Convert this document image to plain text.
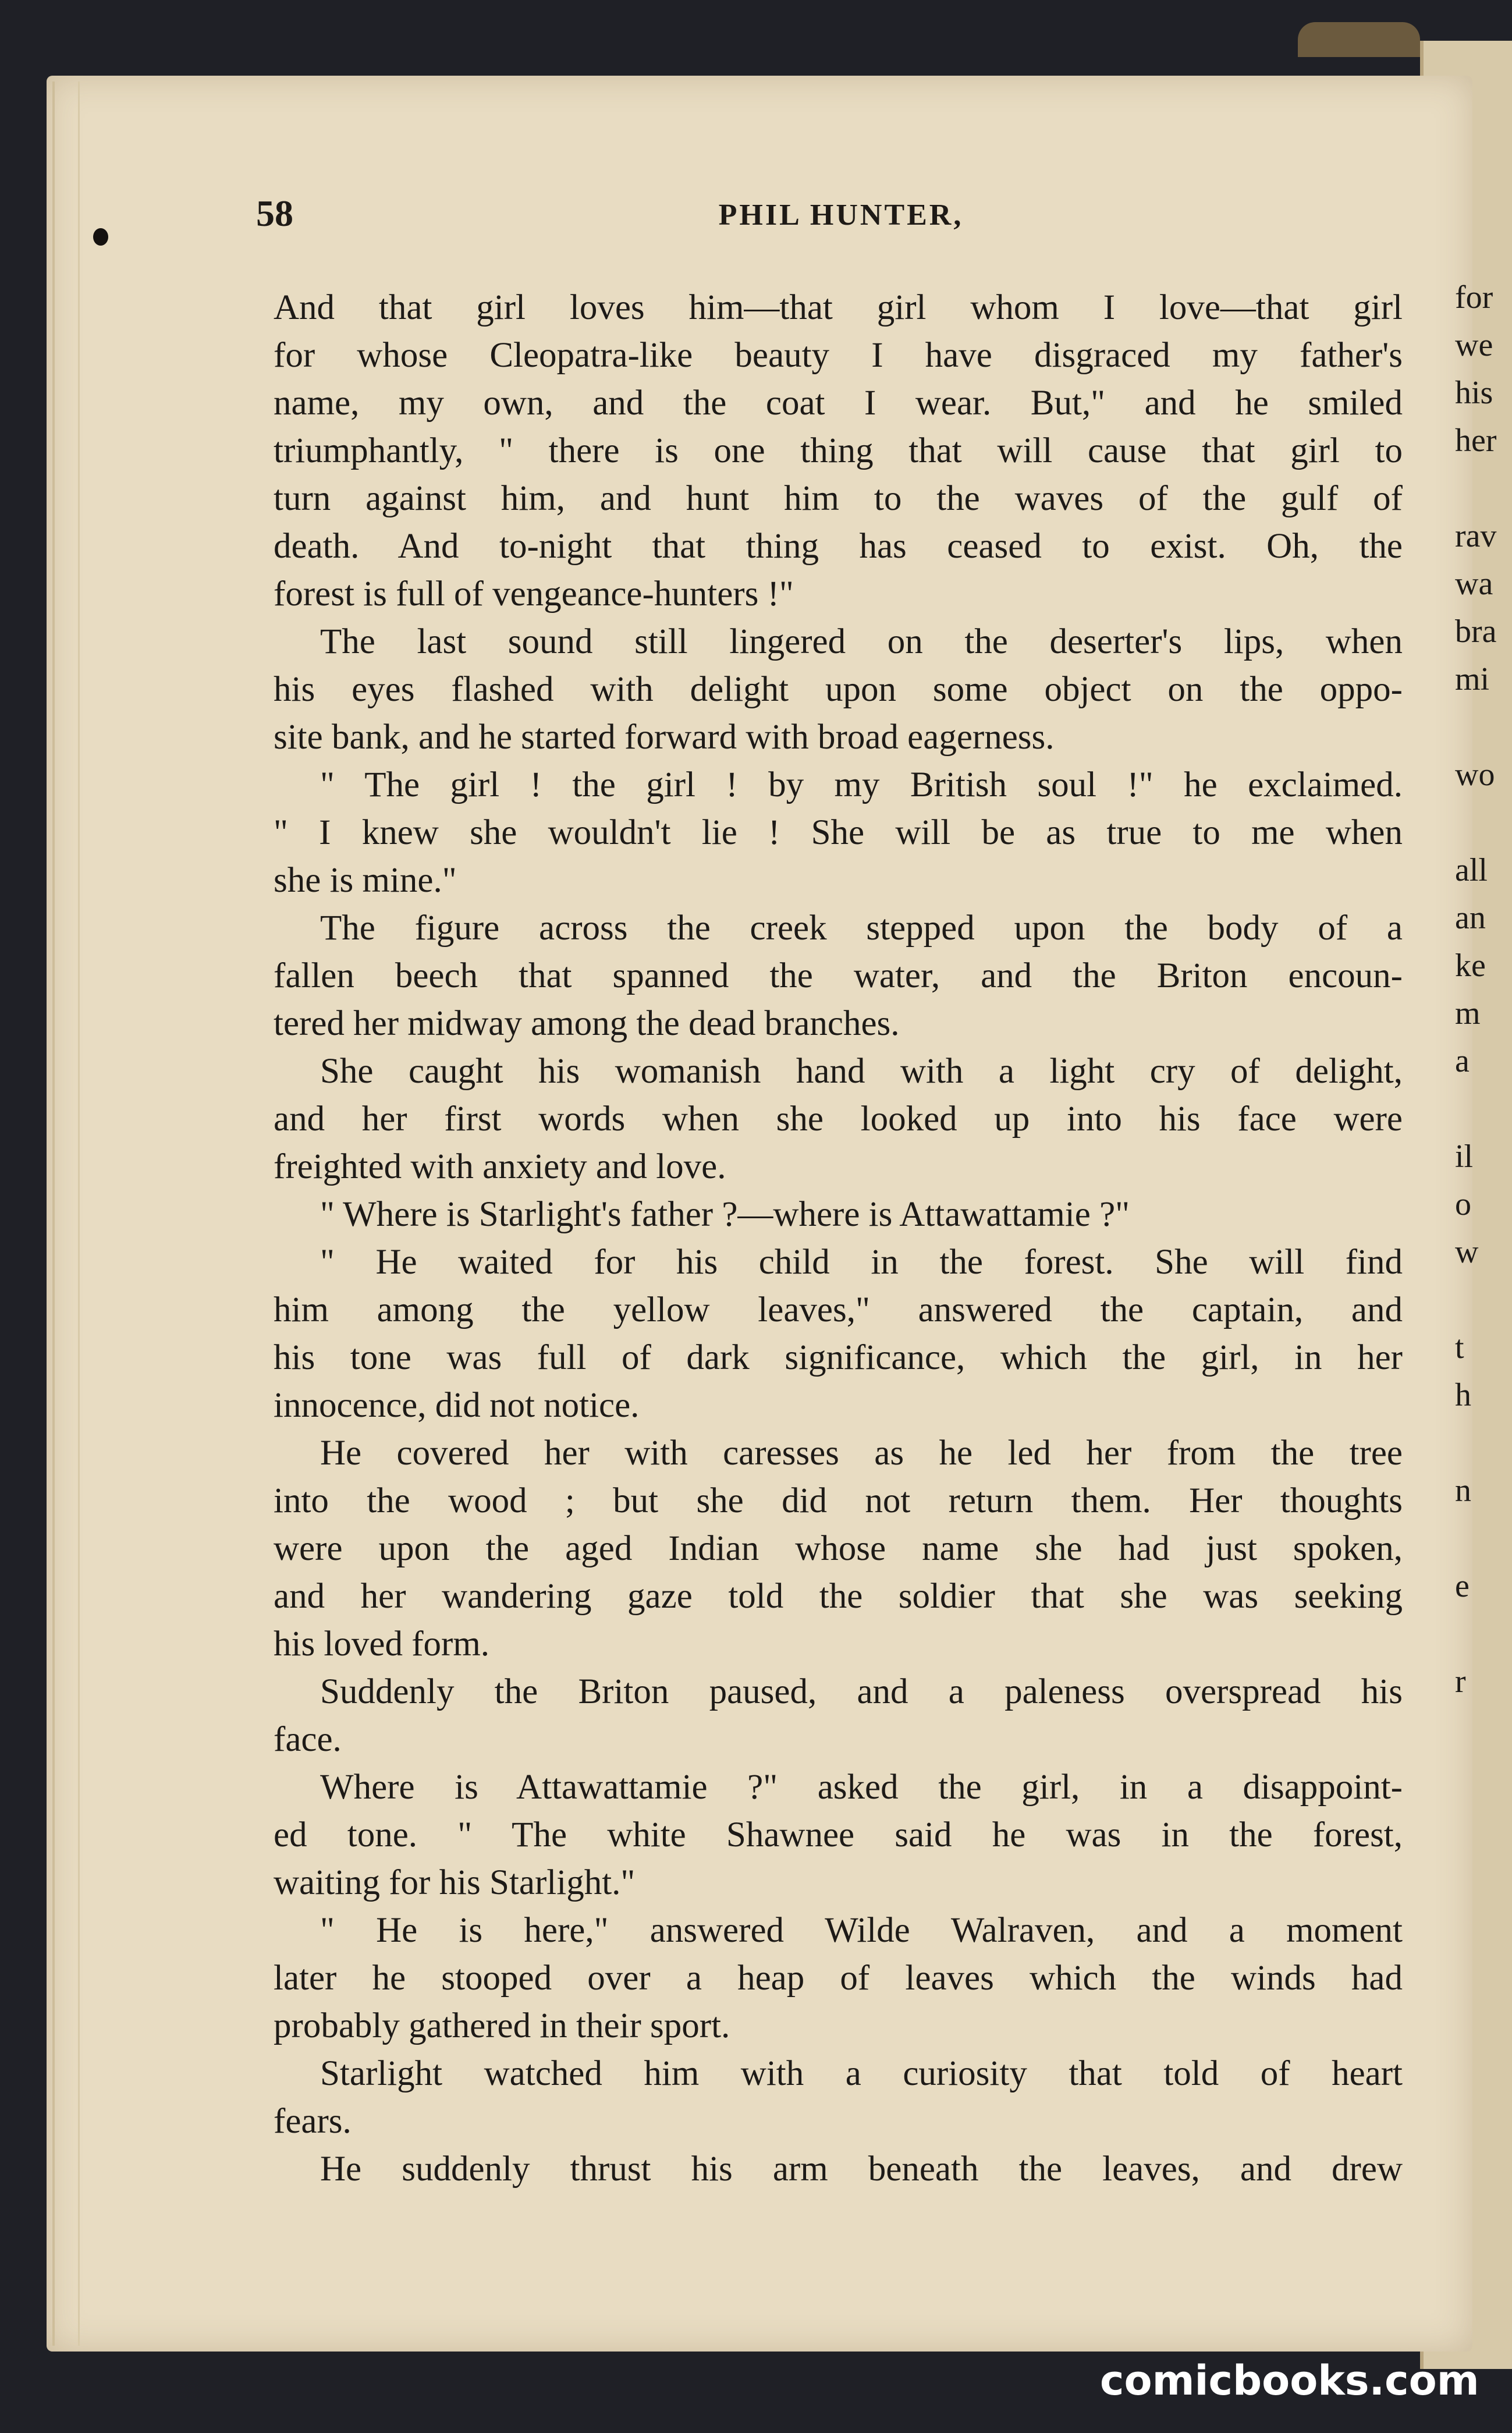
58	PHIL HUNTER,
And that girl loves him—that girl whom I love—that girl
for whose Cleopatra-like beauty I have disgraced my father's
name, my own, and the coat I wear. But," and he smiled
triumphantly, " there is one thing that will cause that girl to
turn against him, and hunt him to the waves of the gulf of
death. And to-night that thing has ceased to exist. Oh, the
forest is full of vengeance-hunters !"
The last sound still lingered on the deserter's lips, when
his eyes flashed with delight upon some object on the oppo-
site bank, and he started forward with broad eagerness.
" The girl ! the girl ! by my British soul !" he exclaimed.
" I knew she wouldn't lie ! She will be as true to me when
she is mine."
The figure across the creek stepped upon the body of a
fallen beech that spanned the water, and the Briton encoun-
tered her midway among the dead branches.
She caught his womanish hand with a light cry of delight,
and her first words when she looked up into his face were
freighted with anxiety and love.
" Where is Starlight's father ?—where is Attawattamie ?"
" He waited for his child in the forest. She will find
him among the yellow leaves," answered the captain, and
his tone was full of dark significance, which the girl, in her
innocence, did not notice.
He covered her with caresses as he led her from the tree
into the wood ; but she did not return them. Her thoughts
were upon the aged Indian whose name she had just spoken,
and her wandering gaze told the soldier that she was seeking
his loved form.
Suddenly the Briton paused, and a paleness overspread his
face.
Where is Attawattamie ?" asked the girl, in a disappoint-
ed tone. " The white Shawnee said he was in the forest,
waiting for his Starlight."
" He is here," answered Wilde Walraven, and a moment
later he stooped over a heap of leaves which the winds had
probably gathered in their sport.
Starlight watched him with a curiosity that told of heart
fears.
He suddenly thrust his arm beneath the leaves, and drew
for
we
his
her

rav
wa
bra
mi

wo

all
an
ke
m
a

il
o
w

t
h

n

e

r
comicbooks.com
